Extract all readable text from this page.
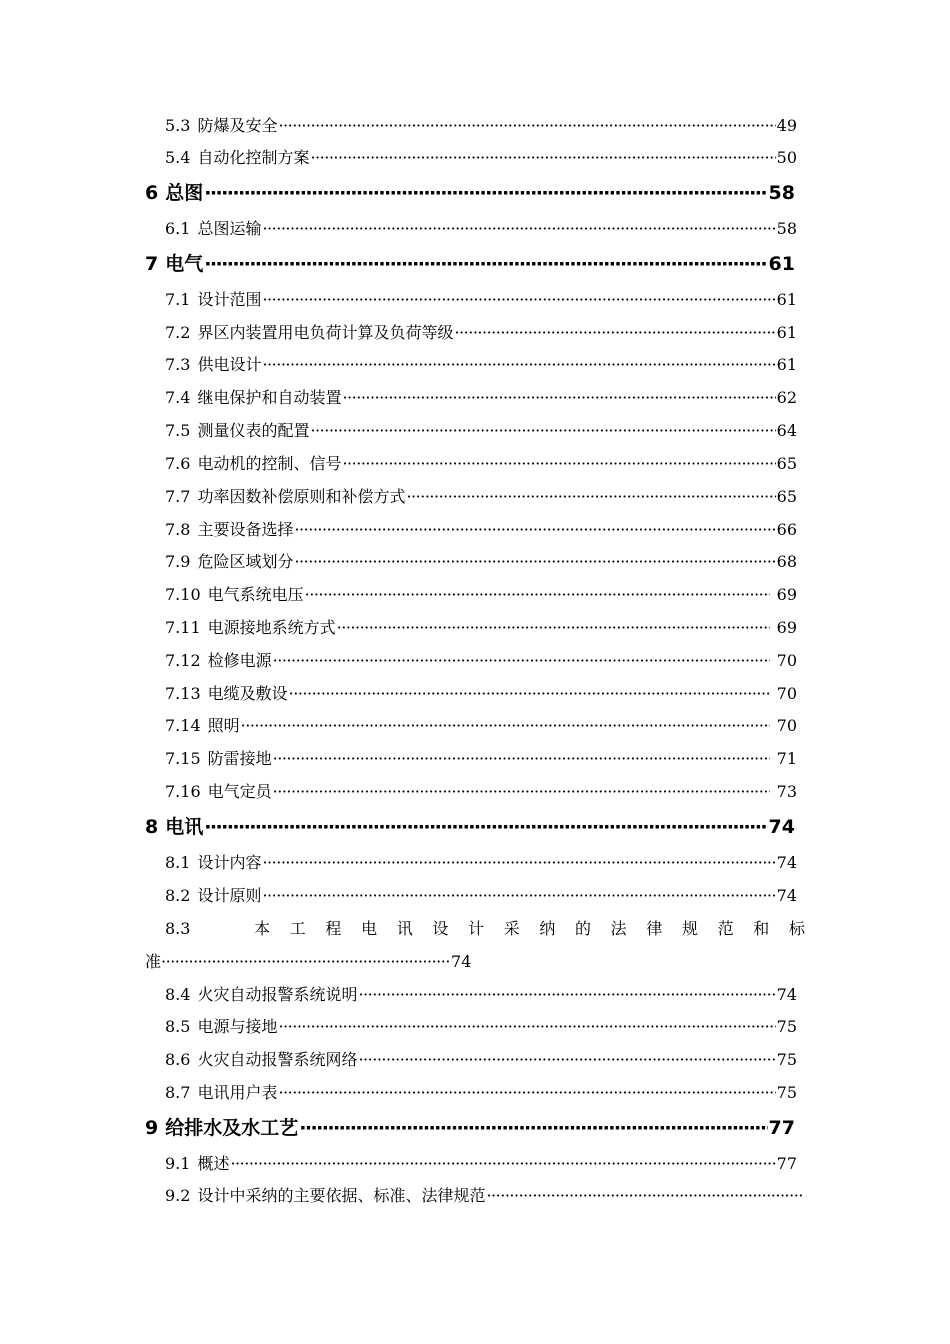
5.3 防爆及安全 ·····	49
5.4 自动化控制方案 ·····	50
6 总图 ·····	58
6.1 总图运输 ·····	58
7 电气 ·····	61
7.1 设计范围 ·····	61
7.2 界区内装置用电负荷计算及负荷等级 ·····	61
7.3 供电设计 ·····	61
7.4 继电保护和自动装置 ·····	62
7.5 测量仪表的配置 ·····	64
7.6 电动机的控制、信号 ·····	65
7.7 功率因数补偿原则和补偿方式 ·····	65
7.8 主要设备选择 ·····	66
7.9 危险区域划分 ·····	68
7.10 电气系统电压 ·····	69
7.11 电源接地系统方式 ·····	69
7.12 检修电源 ·····	70
7.13 电缆及敷设 ·····	70
7.14 照明 ·····	70
7.15 防雷接地 ·····	71
7.16 电气定员 ·····	73
8 电讯 ·····	74
8.1 设计内容 ·····	74
8.2 设计原则 ·····	74
8.3	本 工 程 电 讯 设 计 采 纳 的 法 律 规 范 和 标
准 ·····	74
8.4 火灾自动报警系统说明 ·····	74
8.5 电源与接地 ·····	75
8.6 火灾自动报警系统网络 ·····	75
8.7 电讯用户表 ·····	75
9 给排水及水工艺 ·····	77
9.1 概述 ·····	77
9.2 设计中采纳的主要依据、标准、法律规范
·····
